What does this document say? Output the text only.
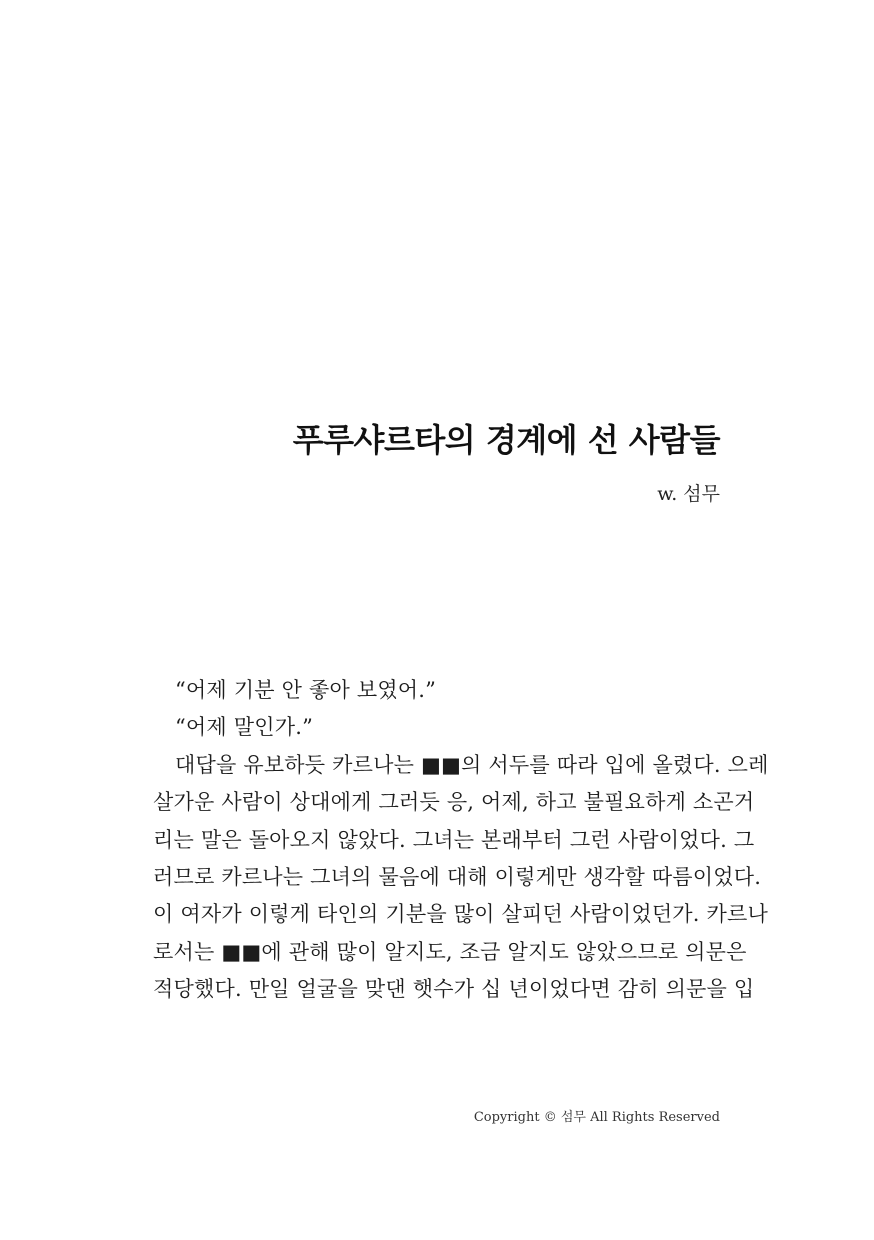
푸루샤르타의 경계에 선 사람들
w. 섬무
“어제 기분 안 좋아 보였어.”
“어제 말인가.”
대답을 유보하듯 카르나는 ■■의 서두를 따라 입에 올렸다. 으레
살가운 사람이 상대에게 그러듯 응, 어제, 하고 불필요하게 소곤거
리는 말은 돌아오지 않았다. 그녀는 본래부터 그런 사람이었다. 그
러므로 카르나는 그녀의 물음에 대해 이렇게만 생각할 따름이었다.
이 여자가 이렇게 타인의 기분을 많이 살피던 사람이었던가. 카르나
로서는 ■■에 관해 많이 알지도, 조금 알지도 않았으므로 의문은
적당했다. 만일 얼굴을 맞댄 햇수가 십 년이었다면 감히 의문을 입
Copyright © 섬무 All Rights Reserved
